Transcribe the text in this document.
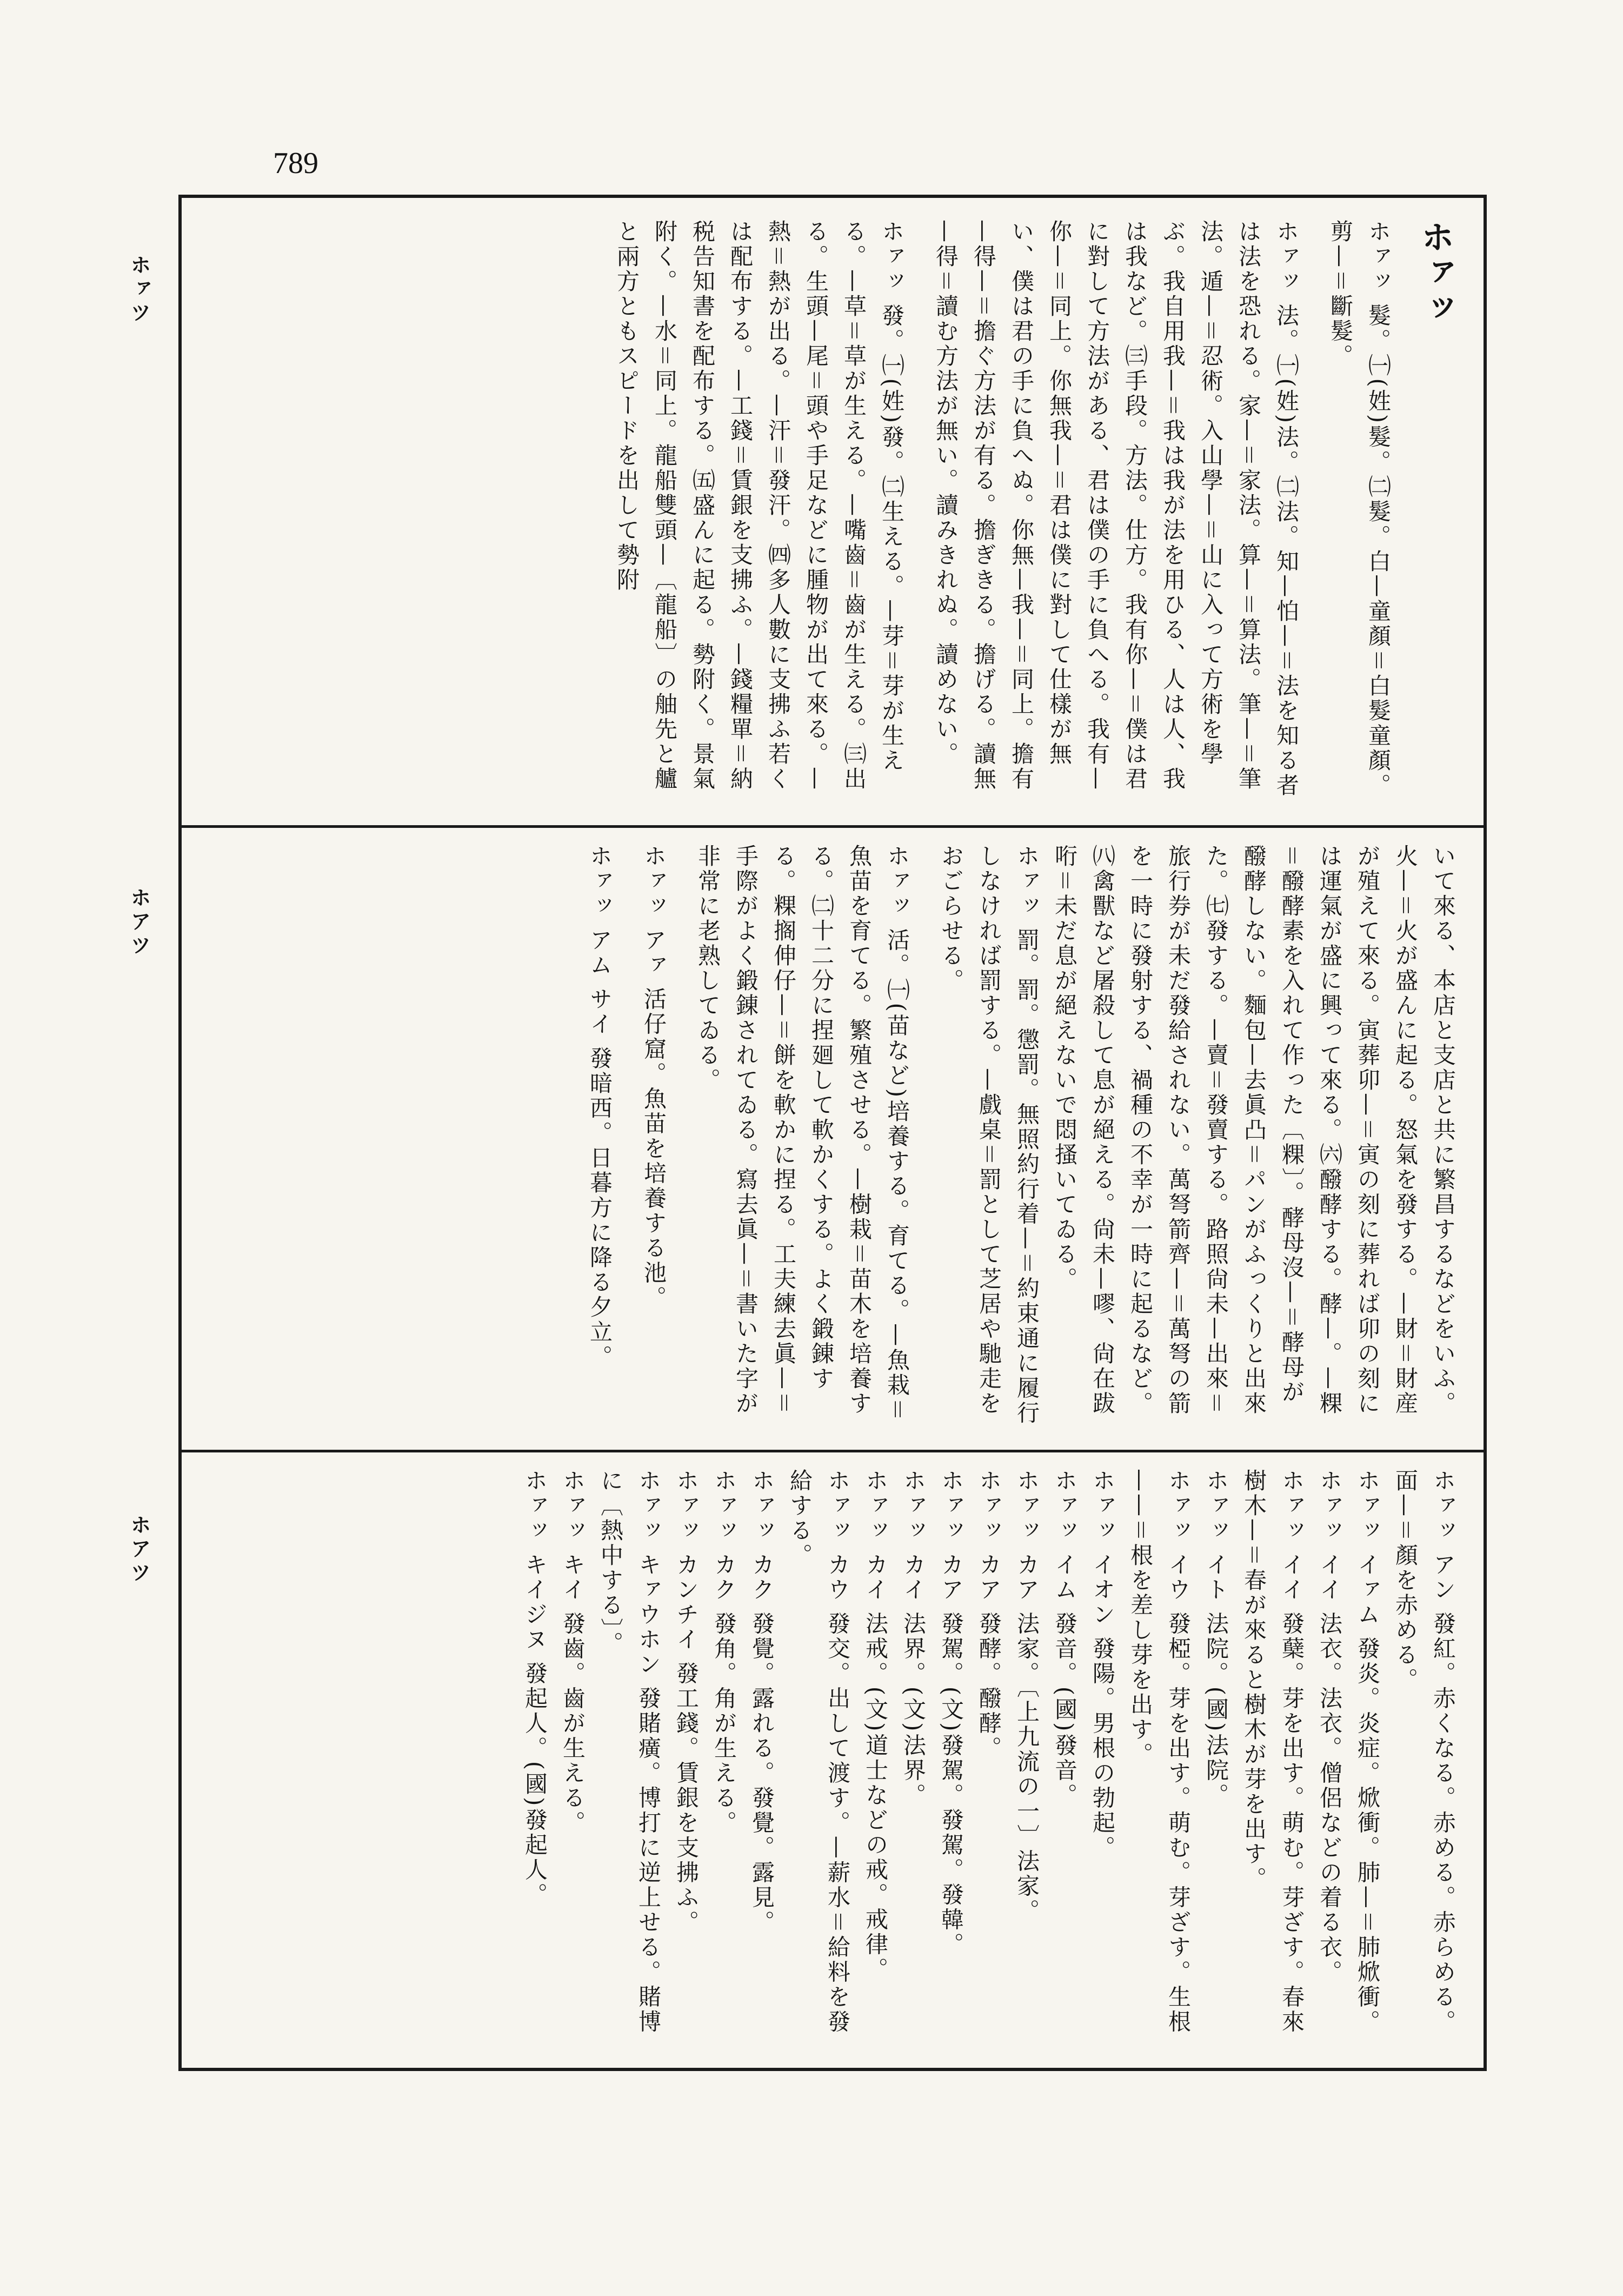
789
ホァツ
ホアツ
ホアツ
ホァッ
ホァッ 髮。㈠(姓)髮。㈡髮。白—童顏＝白髮童顏。剪—＝斷髮。
ホァッ 法。㈠(姓)法。㈡法。知—怕—＝法を知る者は法を恐れる。家—＝家法。算—＝算法。筆—＝筆法。遁—＝忍術。入山學—＝山に入って方術を學ぶ。我自用我—＝我は我が法を用ひる、人は人、我は我など。㈢手段。方法。仕方。我有你—＝僕は君に對して方法がある、君は僕の手に負へる。我有—你—＝同上。你無我—＝君は僕に對して仕樣が無い、僕は君の手に負へぬ。你無—我—＝同上。擔有—得—＝擔ぐ方法が有る。擔ぎきる。擔げる。讀無—得＝讀む方法が無い。讀みきれぬ。讀めない。
ホァッ 發。㈠(姓)發。㈡生える。—芽＝芽が生える。—草＝草が生える。—嘴齒＝齒が生える。㈢出る。生頭—尾＝頭や手足などに腫物が出て來る。—熱＝熱が出る。—汗＝發汗。㈣多人數に支拂ふ若くは配布する。—工錢＝賃銀を支拂ふ。—錢糧單＝納税告知書を配布する。㈤盛んに起る。勢附く。景氣附く。—水＝同上。龍船雙頭—〔龍船〕の舳先と艫と兩方ともスピードを出して勢附
いて來る、本店と支店と共に繁昌するなどをいふ。火—＝火が盛んに起る。怒氣を發する。—財＝財産が殖えて來る。寅葬卯—＝寅の刻に葬れば卯の刻には運氣が盛に興って來る。㈥醱酵する。酵—。—粿＝醱酵素を入れて作った〔粿〕。酵母沒—＝酵母が醱酵しない。麵包—去眞凸＝パンがふっくりと出來た。㈦發する。—賣＝發賣する。路照尙未—出來＝旅行券が未だ發給されない。萬弩箭齊—＝萬弩の箭を一時に發射する、禍種の不幸が一時に起るなど。㈧禽獸など屠殺して息が絕える。尙未—嘐、尙在跋哘＝未だ息が絕えないで悶搔いてゐる。
ホァッ 罰。罰。懲罰。無照約行着—＝約束通に履行しなければ罰する。—戲桌＝罰として芝居や馳走をおごらせる。
ホァッ 活。㈠(苗など)培養する。育てる。—魚栽＝魚苗を育てる。繁殖させる。—樹栽＝苗木を培養する。㈡十二分に捏廻して軟かくする。よく鍛錬する。粿搁伸仔—＝餅を軟かに捏る。工夫練去眞—＝手際がよく鍛錬されてゐる。寫去眞—＝書いた字が非常に老熟してゐる。
ホァッ アァ 活仔窟。魚苗を培養する池。
ホァッ アム サイ 發暗西。日暮方に降る夕立。
ホァッ アン 發紅。赤くなる。赤める。赤らめる。面—＝顏を赤める。
ホァッ イァム 發炎。炎症。焮衝。肺—＝肺焮衝。
ホァッ イイ 法衣。法衣。僧侶などの着る衣。
ホァッ イイ 發蘖。芽を出す。萌む。芽ざす。春來樹木—＝春が來ると樹木が芽を出す。
ホァッ イト 法院。(國)法院。
ホァッ イウ 發椏。芽を出す。萌む。芽ざす。生根——＝根を差し芽を出す。
ホァッ イオン 發陽。男根の勃起。
ホァッ イム 發音。(國)發音。
ホァッ カア 法家。〔上九流の一〕法家。
ホァッ カア 發酵。醱酵。
ホァッ カア 發駕。(文)發駕。發駕。發韓。
ホァッ カイ 法界。(文)法界。
ホァッ カイ 法戒。(文)道士などの戒。戒律。
ホァッ カウ 發交。出して渡す。—薪水＝給料を發給する。
ホァッ カク 發覺。露れる。發覺。露見。
ホァッ カク 發角。角が生える。
ホァッ カンチイ 發工錢。賃銀を支拂ふ。
ホァッ キァウホン 發賭癀。博打に逆上せる。賭博に〔熱中する〕。
ホァッ キイ 發齒。齒が生える。
ホァッ キイジヌ 發起人。(國)發起人。
